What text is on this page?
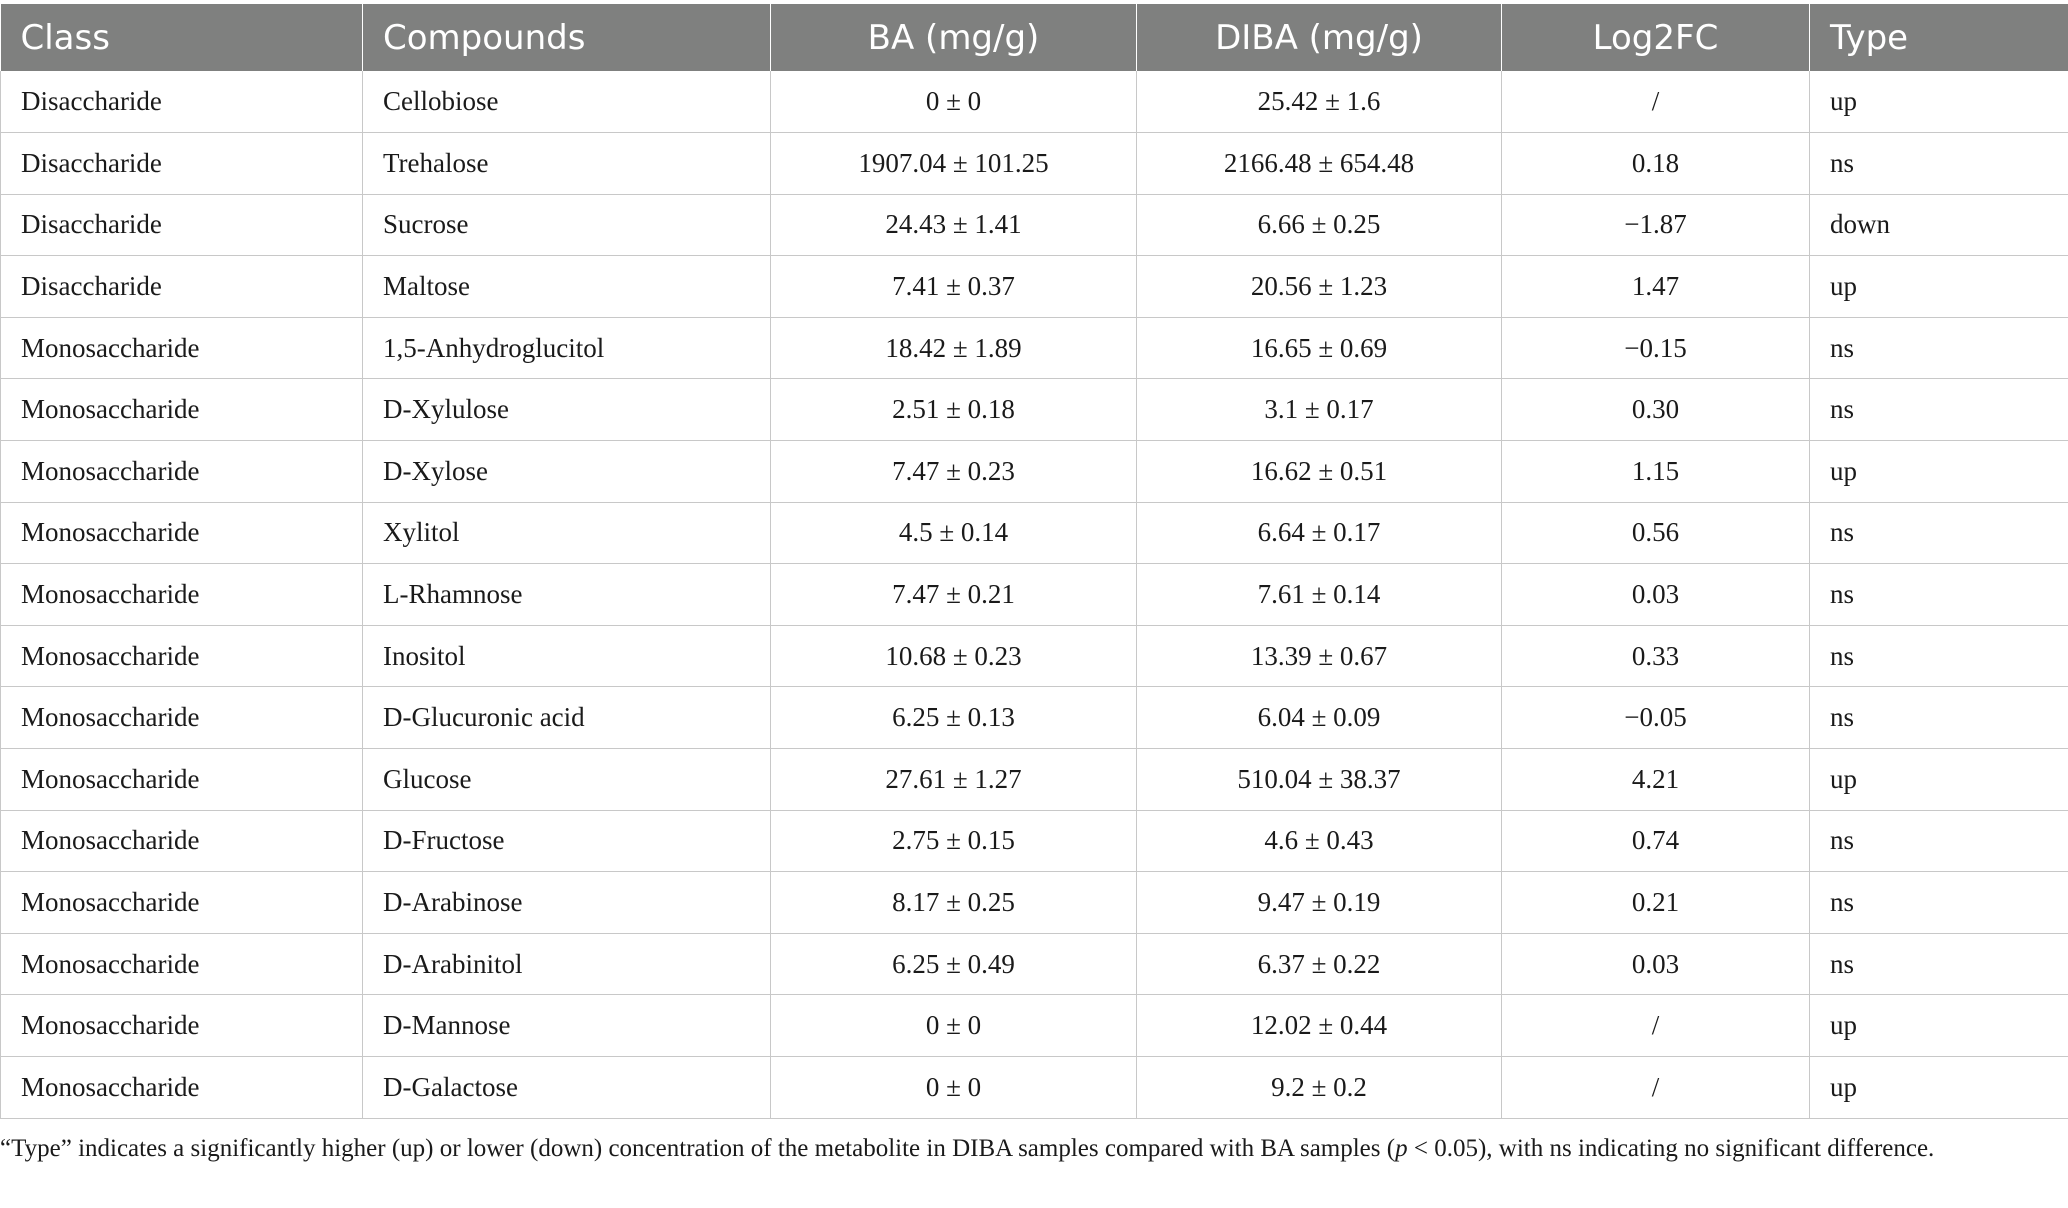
Class	Compounds	BA (mg/g)	DIBA (mg/g)	Log2FC	Type
Disaccharide	Cellobiose	0 ± 0	25.42 ± 1.6	/	up
Disaccharide	Trehalose	1907.04 ± 101.25	2166.48 ± 654.48	0.18	ns
Disaccharide	Sucrose	24.43 ± 1.41	6.66 ± 0.25	−1.87	down
Disaccharide	Maltose	7.41 ± 0.37	20.56 ± 1.23	1.47	up
Monosaccharide	1,5-Anhydroglucitol	18.42 ± 1.89	16.65 ± 0.69	−0.15	ns
Monosaccharide	D-Xylulose	2.51 ± 0.18	3.1 ± 0.17	0.30	ns
Monosaccharide	D-Xylose	7.47 ± 0.23	16.62 ± 0.51	1.15	up
Monosaccharide	Xylitol	4.5 ± 0.14	6.64 ± 0.17	0.56	ns
Monosaccharide	L-Rhamnose	7.47 ± 0.21	7.61 ± 0.14	0.03	ns
Monosaccharide	Inositol	10.68 ± 0.23	13.39 ± 0.67	0.33	ns
Monosaccharide	D-Glucuronic acid	6.25 ± 0.13	6.04 ± 0.09	−0.05	ns
Monosaccharide	Glucose	27.61 ± 1.27	510.04 ± 38.37	4.21	up
Monosaccharide	D-Fructose	2.75 ± 0.15	4.6 ± 0.43	0.74	ns
Monosaccharide	D-Arabinose	8.17 ± 0.25	9.47 ± 0.19	0.21	ns
Monosaccharide	D-Arabinitol	6.25 ± 0.49	6.37 ± 0.22	0.03	ns
Monosaccharide	D-Mannose	0 ± 0	12.02 ± 0.44	/	up
Monosaccharide	D-Galactose	0 ± 0	9.2 ± 0.2	/	up
“Type” indicates a significantly higher (up) or lower (down) concentration of the metabolite in DIBA samples compared with BA samples (p < 0.05), with ns indicating no significant difference.
